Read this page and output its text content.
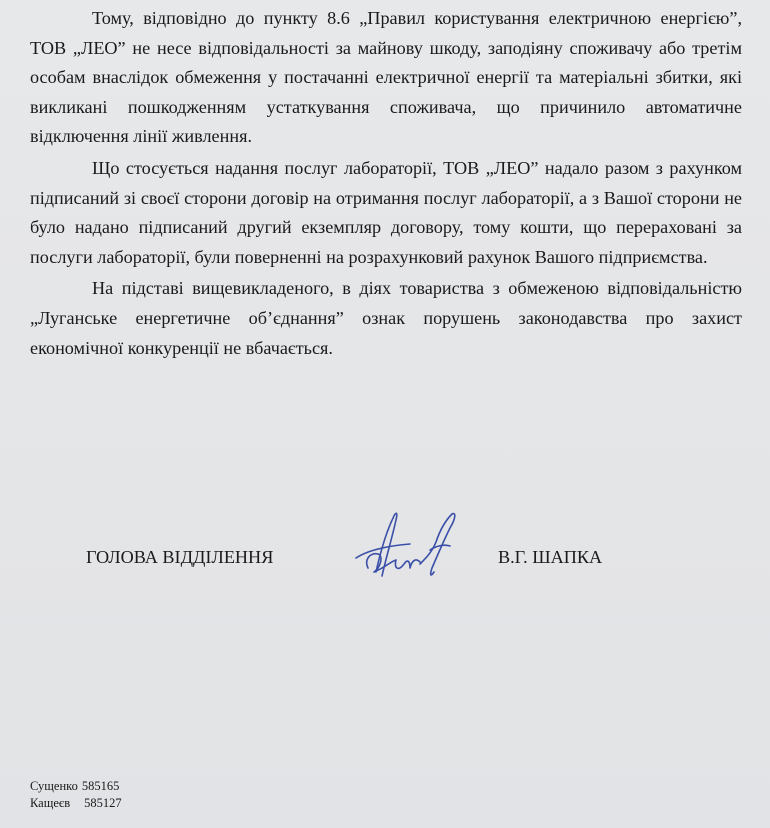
Тому, відповідно до пункту 8.6 „Правил користування електричною енергією”, ТОВ „ЛЕО” не несе відповідальності за майнову шкоду, заподіяну споживачу або третім особам внаслідок обмеження у постачанні електричної енергії та матеріальні збитки, які викликані пошкодженням устаткування споживача, що причинило автоматичне відключення лінії живлення.

Що стосується надання послуг лабораторії, ТОВ „ЛЕО” надало разом з рахунком підписаний зі своєї сторони договір на отримання послуг лабораторії, а з Вашої сторони не було надано підписаний другий екземпляр договору, тому кошти, що перераховані за послуги лабораторії, були поверненні на розрахунковий рахунок Вашого підприємства.

На підставі вищевикладеного, в діях товариства з обмеженою відповідальністю „Луганське енергетичне об’єднання” ознак порушень законодавства про захист економічної конкуренції не вбачається.

ГОЛОВА ВІДДІЛЕННЯ	В.Г. ШАПКА
Сущенко 585165
Кащеєв 585127
